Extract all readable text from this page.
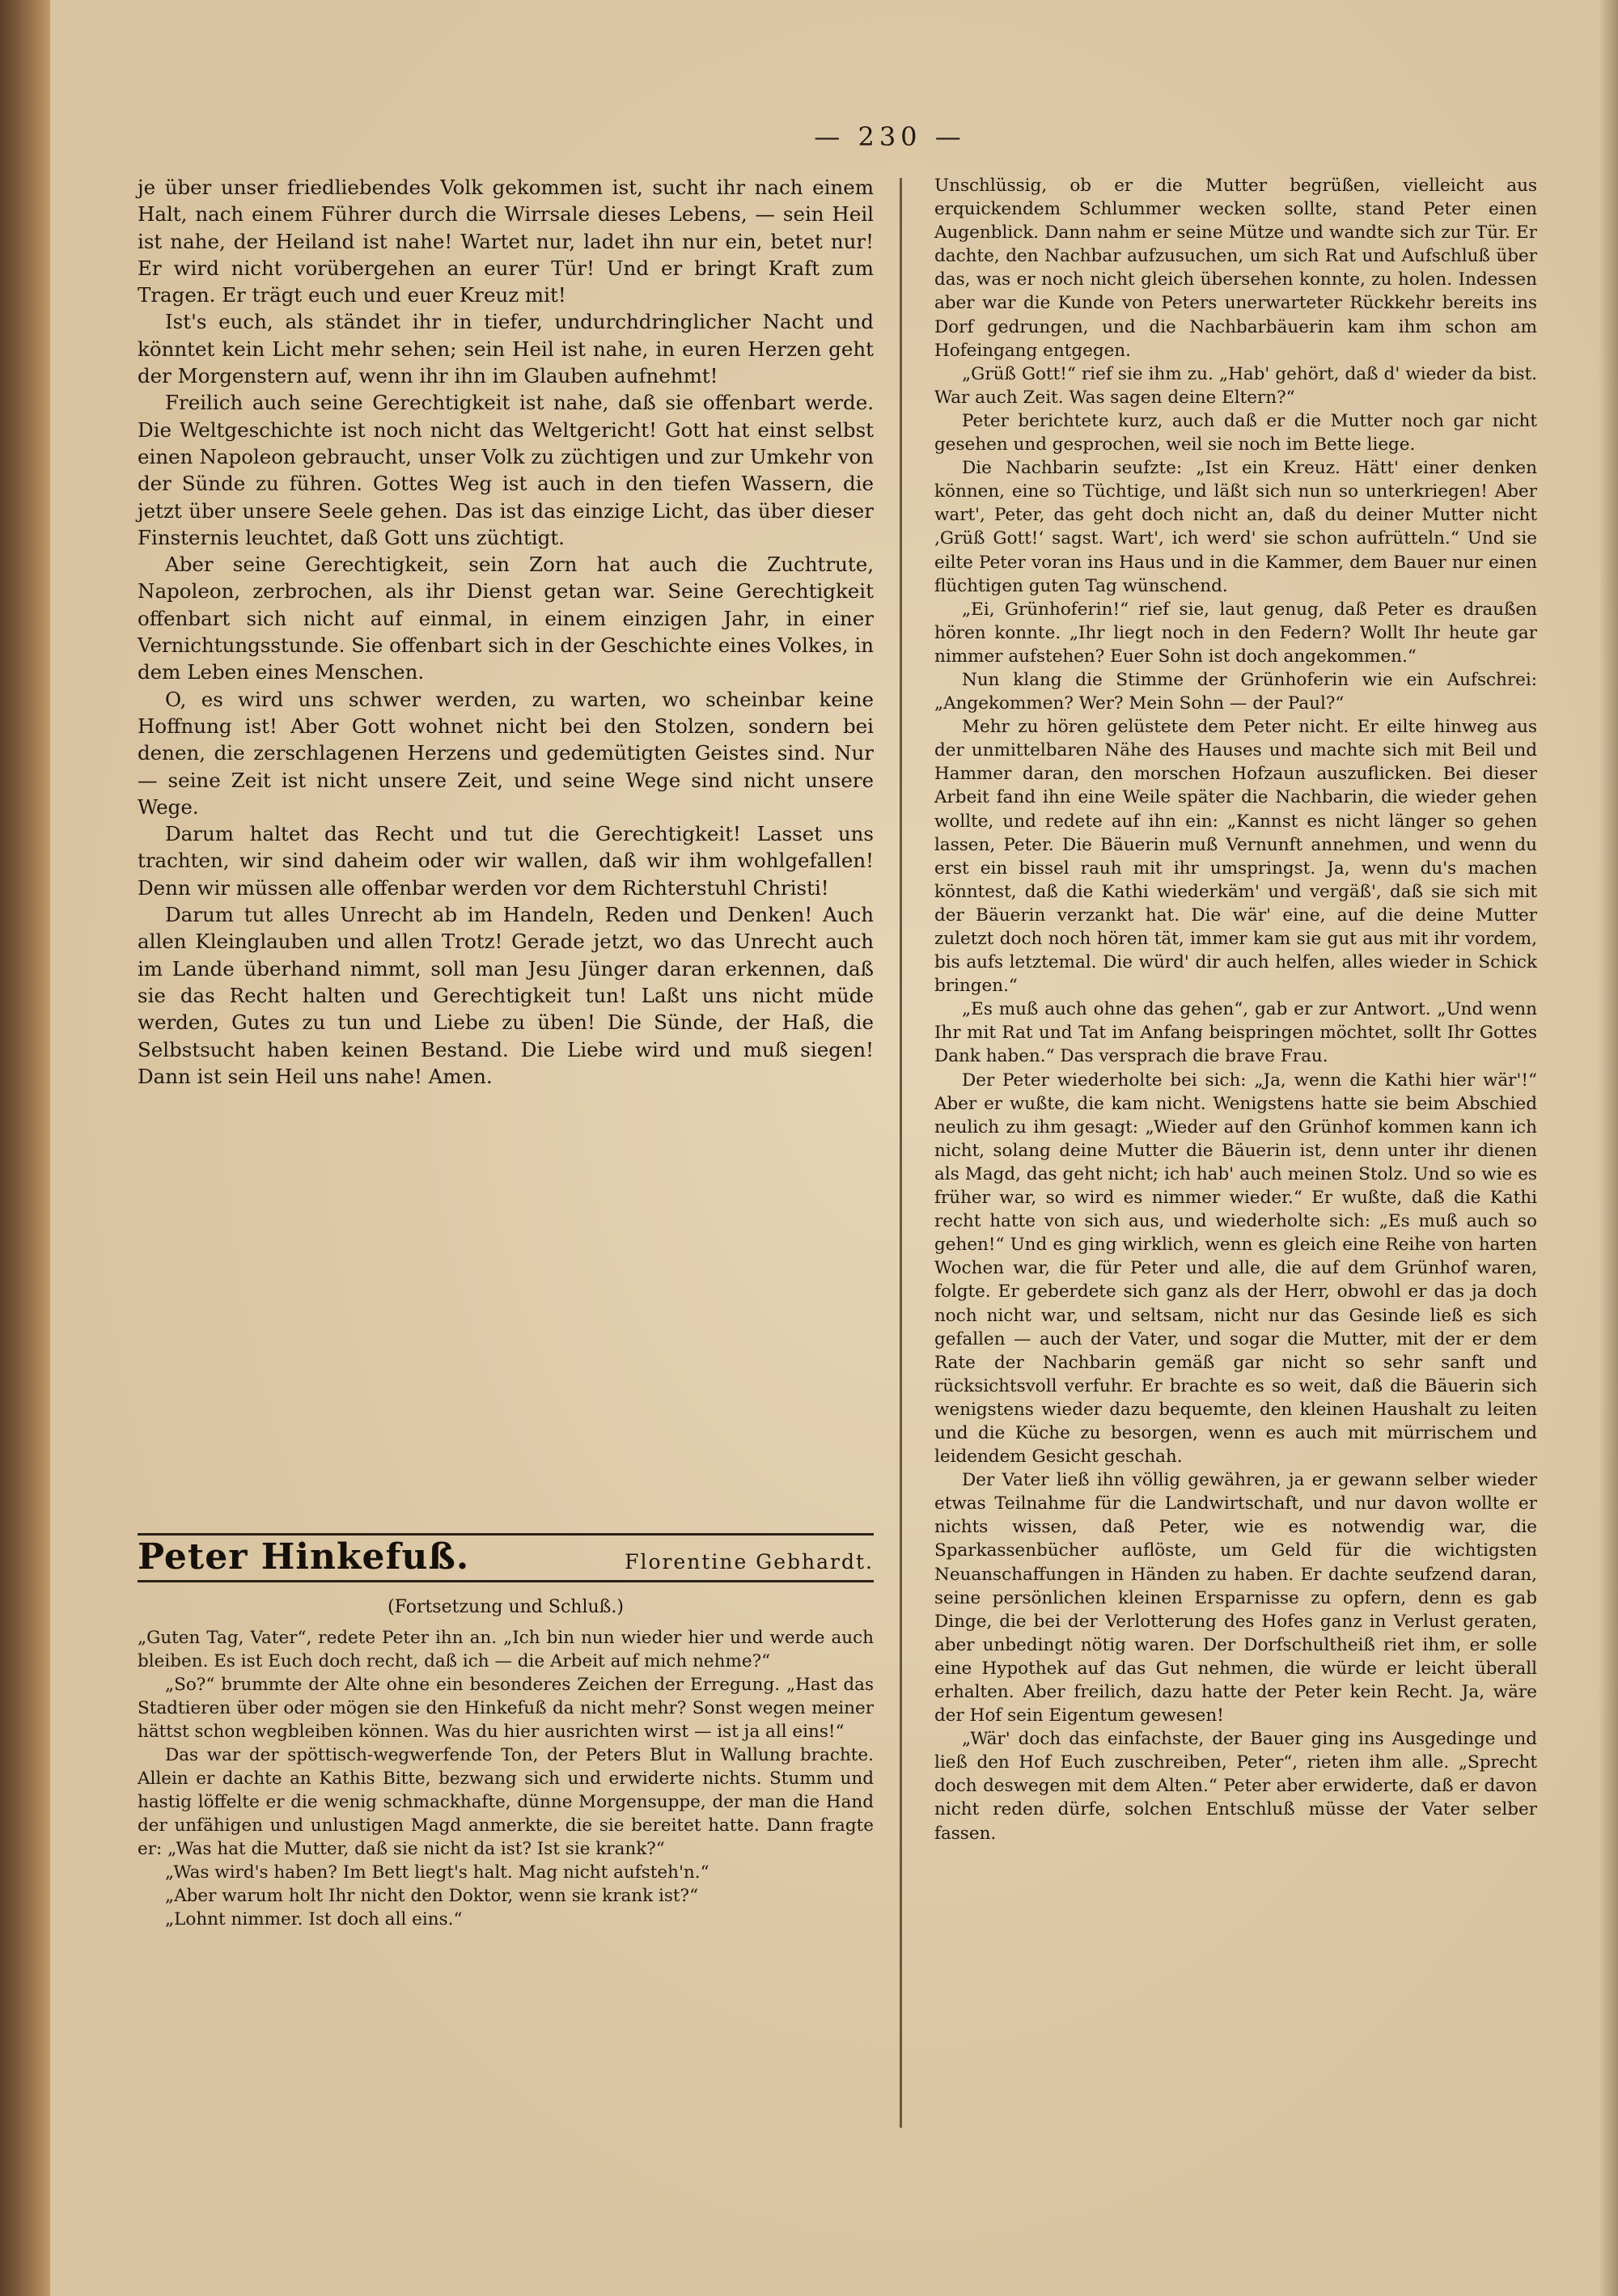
— 230 —

je über unser friedliebendes Volk gekommen ist, sucht ihr nach einem Halt, nach einem Führer durch die Wirrsale dieses Lebens, — sein Heil ist nahe, der Heiland ist nahe! Wartet nur, ladet ihn nur ein, betet nur! Er wird nicht vorübergehen an eurer Tür! Und er bringt Kraft zum Tragen. Er trägt euch und euer Kreuz mit!

Ist's euch, als ständet ihr in tiefer, undurchdringlicher Nacht und könntet kein Licht mehr sehen; sein Heil ist nahe, in euren Herzen geht der Morgenstern auf, wenn ihr ihn im Glauben aufnehmt!

Freilich auch seine Gerechtigkeit ist nahe, daß sie offenbart werde. Die Weltgeschichte ist noch nicht das Weltgericht! Gott hat einst selbst einen Napoleon gebraucht, unser Volk zu züchtigen und zur Umkehr von der Sünde zu führen. Gottes Weg ist auch in den tiefen Wassern, die jetzt über unsere Seele gehen. Das ist das einzige Licht, das über dieser Finsternis leuchtet, daß Gott uns züchtigt.

Aber seine Gerechtigkeit, sein Zorn hat auch die Zuchtrute, Napoleon, zerbrochen, als ihr Dienst getan war. Seine Gerechtigkeit offenbart sich nicht auf einmal, in einem einzigen Jahr, in einer Vernichtungsstunde. Sie offenbart sich in der Geschichte eines Volkes, in dem Leben eines Menschen.

O, es wird uns schwer werden, zu warten, wo scheinbar keine Hoffnung ist! Aber Gott wohnet nicht bei den Stolzen, sondern bei denen, die zerschlagenen Herzens und gedemütigten Geistes sind. Nur — seine Zeit ist nicht unsere Zeit, und seine Wege sind nicht unsere Wege.

Darum haltet das Recht und tut die Gerechtigkeit! Lasset uns trachten, wir sind daheim oder wir wallen, daß wir ihm wohlgefallen! Denn wir müssen alle offenbar werden vor dem Richterstuhl Christi!

Darum tut alles Unrecht ab im Handeln, Reden und Denken! Auch allen Kleinglauben und allen Trotz! Gerade jetzt, wo das Unrecht auch im Lande überhand nimmt, soll man Jesu Jünger daran erkennen, daß sie das Recht halten und Gerechtigkeit tun! Laßt uns nicht müde werden, Gutes zu tun und Liebe zu üben! Die Sünde, der Haß, die Selbstsucht haben keinen Bestand. Die Liebe wird und muß siegen! Dann ist sein Heil uns nahe! Amen.

Peter Hinkefuß.	Florentine Gebhardt.
(Fortsetzung und Schluß.)

„Guten Tag, Vater“, redete Peter ihn an. „Ich bin nun wieder hier und werde auch bleiben. Es ist Euch doch recht, daß ich — die Arbeit auf mich nehme?“

„So?“ brummte der Alte ohne ein besonderes Zeichen der Erregung. „Hast das Stadtieren über oder mögen sie den Hinkefuß da nicht mehr? Sonst wegen meiner hättst schon wegbleiben können. Was du hier ausrichten wirst — ist ja all eins!“

Das war der spöttisch-wegwerfende Ton, der Peters Blut in Wallung brachte. Allein er dachte an Kathis Bitte, bezwang sich und erwiderte nichts. Stumm und hastig löffelte er die wenig schmackhafte, dünne Morgensuppe, der man die Hand der unfähigen und unlustigen Magd anmerkte, die sie bereitet hatte. Dann fragte er: „Was hat die Mutter, daß sie nicht da ist? Ist sie krank?“

„Was wird's haben? Im Bett liegt's halt. Mag nicht aufsteh'n.“

„Aber warum holt Ihr nicht den Doktor, wenn sie krank ist?“

„Lohnt nimmer. Ist doch all eins.“

Unschlüssig, ob er die Mutter begrüßen, vielleicht aus erquickendem Schlummer wecken sollte, stand Peter einen Augenblick. Dann nahm er seine Mütze und wandte sich zur Tür. Er dachte, den Nachbar aufzusuchen, um sich Rat und Aufschluß über das, was er noch nicht gleich übersehen konnte, zu holen. Indessen aber war die Kunde von Peters unerwarteter Rückkehr bereits ins Dorf gedrungen, und die Nachbarbäuerin kam ihm schon am Hofeingang entgegen.

„Grüß Gott!“ rief sie ihm zu. „Hab' gehört, daß d' wieder da bist. War auch Zeit. Was sagen deine Eltern?“

Peter berichtete kurz, auch daß er die Mutter noch gar nicht gesehen und gesprochen, weil sie noch im Bette liege.

Die Nachbarin seufzte: „Ist ein Kreuz. Hätt' einer denken können, eine so Tüchtige, und läßt sich nun so unterkriegen! Aber wart', Peter, das geht doch nicht an, daß du deiner Mutter nicht ‚Grüß Gott!‘ sagst. Wart', ich werd' sie schon aufrütteln.“ Und sie eilte Peter voran ins Haus und in die Kammer, dem Bauer nur einen flüchtigen guten Tag wünschend.

„Ei, Grünhoferin!“ rief sie, laut genug, daß Peter es draußen hören konnte. „Ihr liegt noch in den Federn? Wollt Ihr heute gar nimmer aufstehen? Euer Sohn ist doch angekommen.“

Nun klang die Stimme der Grünhoferin wie ein Aufschrei: „Angekommen? Wer? Mein Sohn — der Paul?“

Mehr zu hören gelüstete dem Peter nicht. Er eilte hinweg aus der unmittelbaren Nähe des Hauses und machte sich mit Beil und Hammer daran, den morschen Hofzaun auszuflicken. Bei dieser Arbeit fand ihn eine Weile später die Nachbarin, die wieder gehen wollte, und redete auf ihn ein: „Kannst es nicht länger so gehen lassen, Peter. Die Bäuerin muß Vernunft annehmen, und wenn du erst ein bissel rauh mit ihr umspringst. Ja, wenn du's machen könntest, daß die Kathi wiederkäm' und vergäß', daß sie sich mit der Bäuerin verzankt hat. Die wär' eine, auf die deine Mutter zuletzt doch noch hören tät, immer kam sie gut aus mit ihr vordem, bis aufs letztemal. Die würd' dir auch helfen, alles wieder in Schick bringen.“

„Es muß auch ohne das gehen“, gab er zur Antwort. „Und wenn Ihr mit Rat und Tat im Anfang beispringen möchtet, sollt Ihr Gottes Dank haben.“ Das versprach die brave Frau.

Der Peter wiederholte bei sich: „Ja, wenn die Kathi hier wär'!“ Aber er wußte, die kam nicht. Wenigstens hatte sie beim Abschied neulich zu ihm gesagt: „Wieder auf den Grünhof kommen kann ich nicht, solang deine Mutter die Bäuerin ist, denn unter ihr dienen als Magd, das geht nicht; ich hab' auch meinen Stolz. Und so wie es früher war, so wird es nimmer wieder.“ Er wußte, daß die Kathi recht hatte von sich aus, und wiederholte sich: „Es muß auch so gehen!“ Und es ging wirklich, wenn es gleich eine Reihe von harten Wochen war, die für Peter und alle, die auf dem Grünhof waren, folgte. Er geberdete sich ganz als der Herr, obwohl er das ja doch noch nicht war, und seltsam, nicht nur das Gesinde ließ es sich gefallen — auch der Vater, und sogar die Mutter, mit der er dem Rate der Nachbarin gemäß gar nicht so sehr sanft und rücksichtsvoll verfuhr. Er brachte es so weit, daß die Bäuerin sich wenigstens wieder dazu bequemte, den kleinen Haushalt zu leiten und die Küche zu besorgen, wenn es auch mit mürrischem und leidendem Gesicht geschah.

Der Vater ließ ihn völlig gewähren, ja er gewann selber wieder etwas Teilnahme für die Landwirtschaft, und nur davon wollte er nichts wissen, daß Peter, wie es notwendig war, die Sparkassenbücher auflöste, um Geld für die wichtigsten Neuanschaffungen in Händen zu haben. Er dachte seufzend daran, seine persönlichen kleinen Ersparnisse zu opfern, denn es gab Dinge, die bei der Verlotterung des Hofes ganz in Verlust geraten, aber unbedingt nötig waren. Der Dorfschultheiß riet ihm, er solle eine Hypothek auf das Gut nehmen, die würde er leicht überall erhalten. Aber freilich, dazu hatte der Peter kein Recht. Ja, wäre der Hof sein Eigentum gewesen!

„Wär' doch das einfachste, der Bauer ging ins Ausgedinge und ließ den Hof Euch zuschreiben, Peter“, rieten ihm alle. „Sprecht doch deswegen mit dem Alten.“ Peter aber erwiderte, daß er davon nicht reden dürfe, solchen Entschluß müsse der Vater selber fassen.
